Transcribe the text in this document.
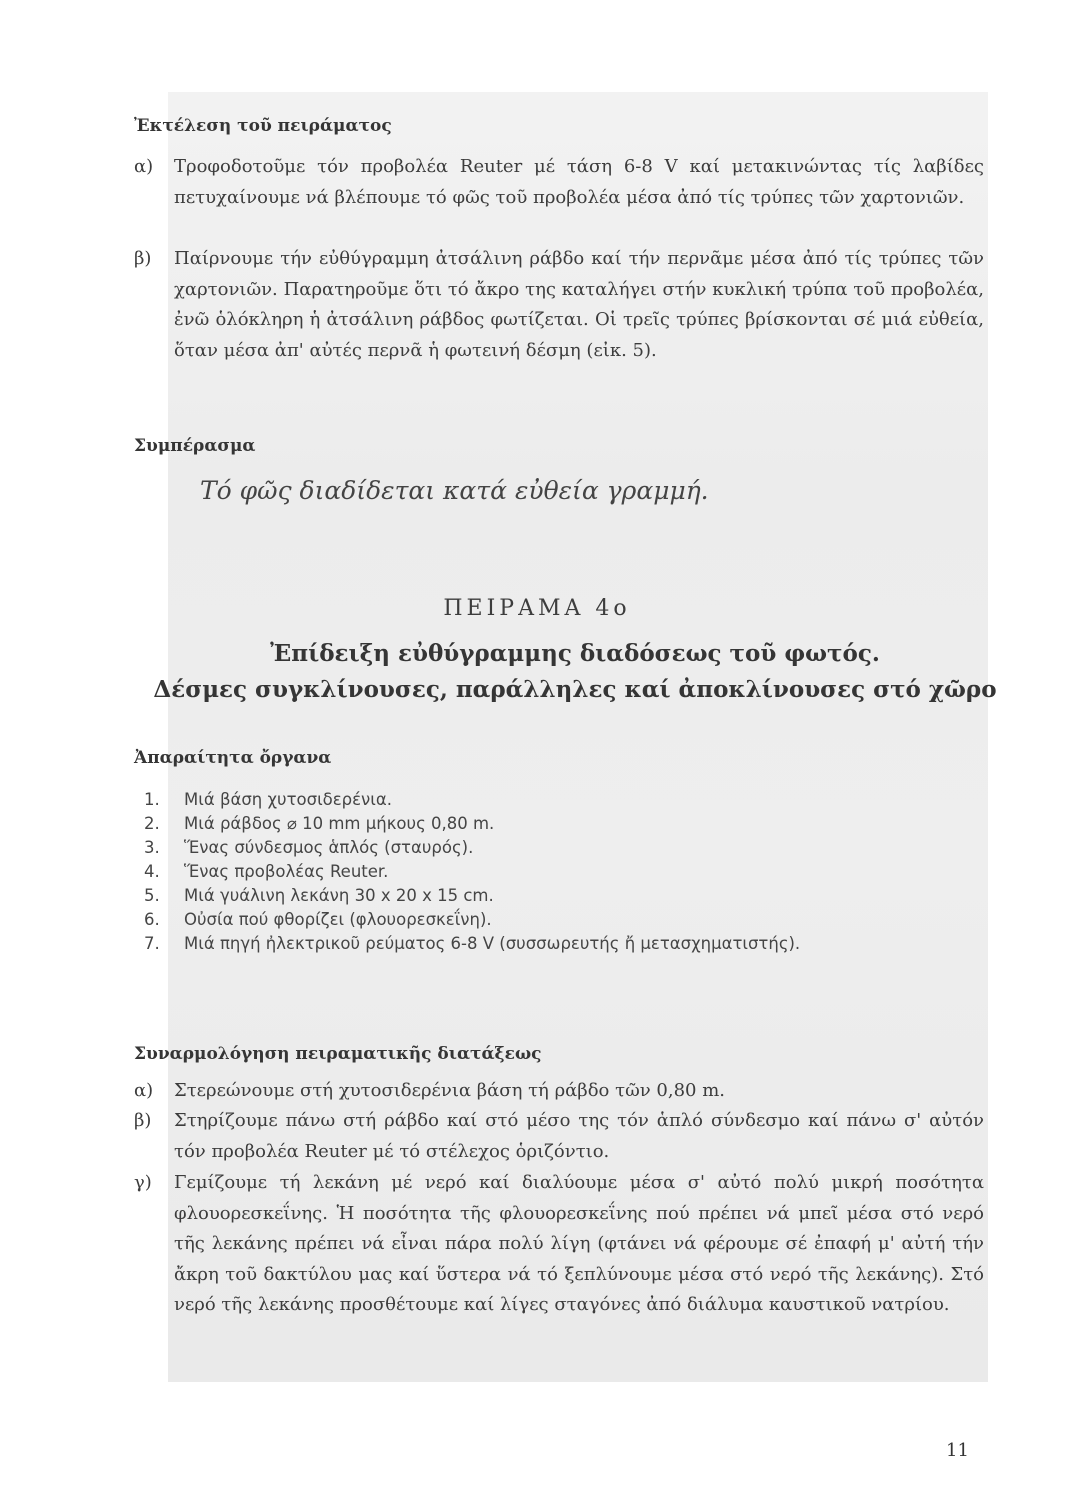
Ἐκτέλεση τοῦ πειράματος
α)	Τροφοδοτοῦμε τόν προβολέα Reuter μέ τάση 6-8 V καί μετακινώντας τίς λαβίδες πετυχαίνουμε νά βλέπουμε τό φῶς τοῦ προβολέα μέσα ἀπό τίς τρύπες τῶν χαρτονιῶν.
β)	Παίρνουμε τήν εὐθύγραμμη ἀτσάλινη ράβδο καί τήν περνᾶμε μέσα ἀπό τίς τρύπες τῶν χαρτονιῶν. Παρατηροῦμε ὅτι τό ἄκρο της καταλήγει στήν κυκλική τρύπα τοῦ προβολέα, ἐνῶ ὁλόκληρη ἡ ἀτσάλινη ράβδος φωτίζεται. Οἱ τρεῖς τρύπες βρίσκονται σέ μιά εὐθεία, ὅταν μέσα ἀπ' αὐτές περνᾶ ἡ φωτεινή δέσμη (εἰκ. 5).
Συμπέρασμα
Τό φῶς διαδίδεται κατά εὐθεία γραμμή.
ΠΕΙΡΑΜΑ 4ο
Ἐπίδειξη εὐθύγραμμης διαδόσεως τοῦ φωτός.
Δέσμες συγκλίνουσες, παράλληλες καί ἀποκλίνουσες στό χῶρο
Ἀπαραίτητα ὄργανα
1.	Μιά βάση χυτοσιδερένια.
2.	Μιά ράβδος ⌀ 10 mm μήκους 0,80 m.
3.	Ἕνας σύνδεσμος ἁπλός (σταυρός).
4.	Ἕνας προβολέας Reuter.
5.	Μιά γυάλινη λεκάνη 30 x 20 x 15 cm.
6.	Οὐσία πού φθορίζει (φλουορεσκεΐνη).
7.	Μιά πηγή ἠλεκτρικοῦ ρεύματος 6-8 V (συσσωρευτής ἤ μετασχηματιστής).
Συναρμολόγηση πειραματικῆς διατάξεως
α)	Στερεώνουμε στή χυτοσιδερένια βάση τή ράβδο τῶν 0,80 m.
β)	Στηρίζουμε πάνω στή ράβδο καί στό μέσο της τόν ἁπλό σύνδεσμο καί πάνω σ' αὐτόν τόν προβολέα Reuter μέ τό στέλεχος ὁριζόντιο.
γ)	Γεμίζουμε τή λεκάνη μέ νερό καί διαλύουμε μέσα σ' αὐτό πολύ μικρή ποσότητα φλουορεσκεΐνης. Ἡ ποσότητα τῆς φλουορεσκεΐνης πού πρέπει νά μπεῖ μέσα στό νερό τῆς λεκάνης πρέπει νά εἶναι πάρα πολύ λίγη (φτάνει νά φέρουμε σέ ἐπαφή μ' αὐτή τήν ἄκρη τοῦ δακτύλου μας καί ὕστερα νά τό ξεπλύνουμε μέσα στό νερό τῆς λεκάνης). Στό νερό τῆς λεκάνης προσθέτουμε καί λίγες σταγόνες ἀπό διάλυμα καυστικοῦ νατρίου.
11
